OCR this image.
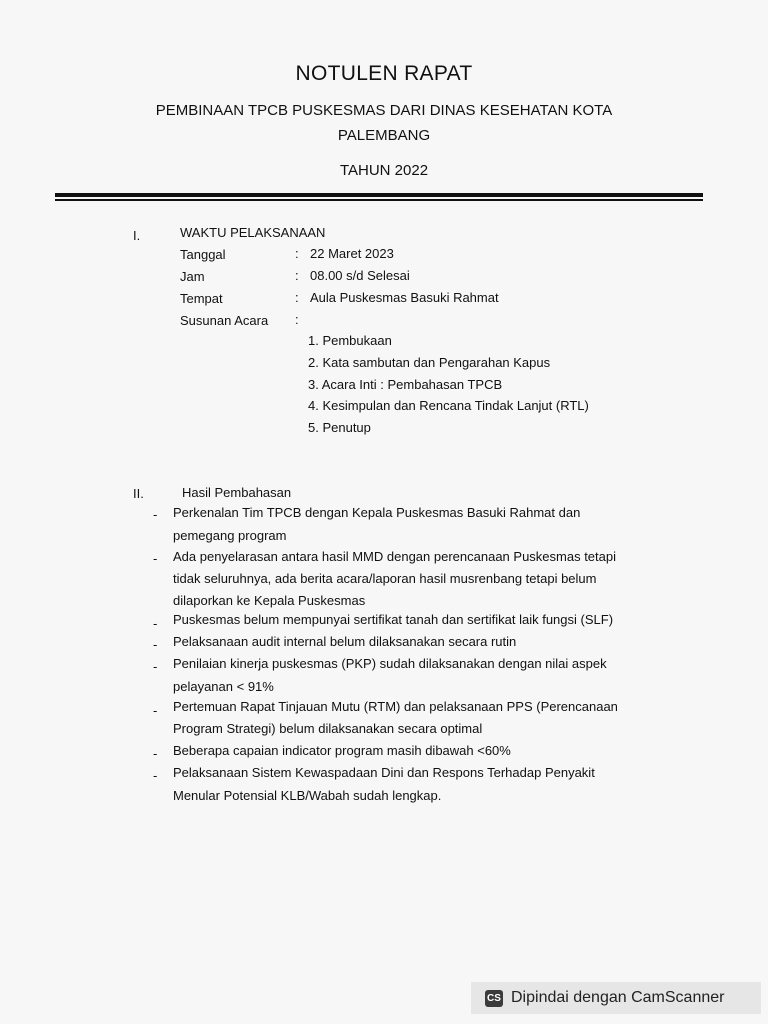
NOTULEN RAPAT
PEMBINAAN TPCB PUSKESMAS DARI DINAS KESEHATAN KOTA
PALEMBANG
TAHUN 2022
I.	WAKTU PELAKSANAAN
Tanggal	: 22 Maret 2023
Jam	: 08.00 s/d Selesai
Tempat	: Aula Puskesmas Basuki Rahmat
Susunan Acara :
1. Pembukaan
2. Kata sambutan dan Pengarahan Kapus
3. Acara Inti : Pembahasan TPCB
4. Kesimpulan dan Rencana Tindak Lanjut (RTL)
5. Penutup
II.	Hasil Pembahasan
- Perkenalan Tim TPCB dengan Kepala Puskesmas Basuki Rahmat dan
pemegang program
- Ada penyelarasan antara hasil MMD dengan perencanaan Puskesmas tetapi
tidak seluruhnya, ada berita acara/laporan hasil musrenbang tetapi belum
dilaporkan ke Kepala Puskesmas
- Puskesmas belum mempunyai sertifikat tanah dan sertifikat laik fungsi (SLF)
- Pelaksanaan audit internal belum dilaksanakan secara rutin
- Penilaian kinerja puskesmas (PKP) sudah dilaksanakan dengan nilai aspek
pelayanan < 91%
- Pertemuan Rapat Tinjauan Mutu (RTM) dan pelaksanaan PPS (Perencanaan
Program Strategi) belum dilaksanakan secara optimal
- Beberapa capaian indicator program masih dibawah <60%
- Pelaksanaan Sistem Kewaspadaan Dini dan Respons Terhadap Penyakit
Menular Potensial KLB/Wabah sudah lengkap.
CS Dipindai dengan CamScanner
